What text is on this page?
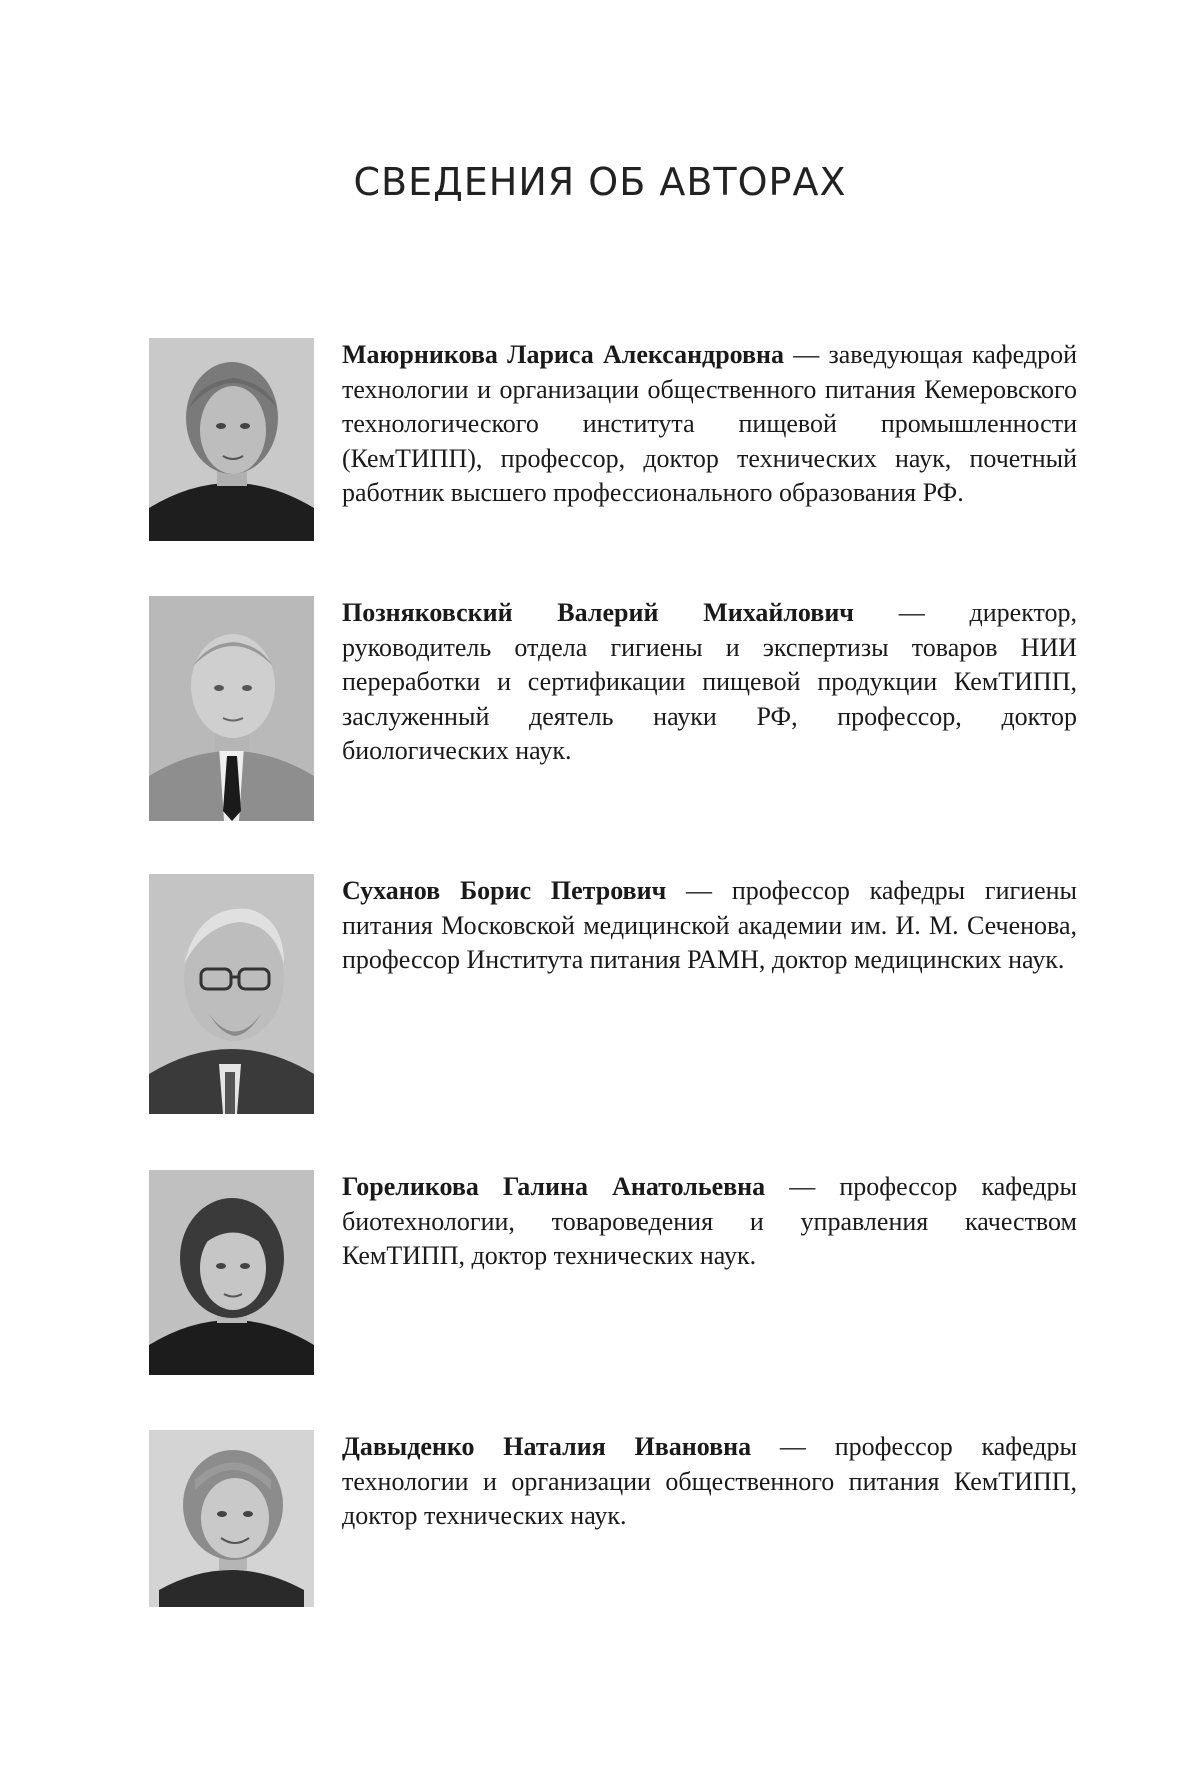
СВЕДЕНИЯ ОБ АВТОРАХ

Маюрникова Лариса Александровна — заведующая кафедрой технологии и организации общественного питания Кемеровского технологического института пищевой промышленности (КемТИПП), профессор, доктор технических наук, почетный работник высшего профессионального образования РФ.

Позняковский Валерий Михайлович — директор, руководитель отдела гигиены и экспертизы товаров НИИ переработки и сертификации пищевой продукции КемТИПП, заслуженный деятель науки РФ, профессор, доктор биологических наук.

Суханов Борис Петрович — профессор кафедры гигиены питания Московской медицинской академии им. И. М. Сеченова, профессор Института питания РАМН, доктор медицинских наук.

Гореликова Галина Анатольевна — профессор кафедры биотехнологии, товароведения и управления качеством КемТИПП, доктор технических наук.

Давыденко Наталия Ивановна — профессор кафедры технологии и организации общественного питания КемТИПП, доктор технических наук.
